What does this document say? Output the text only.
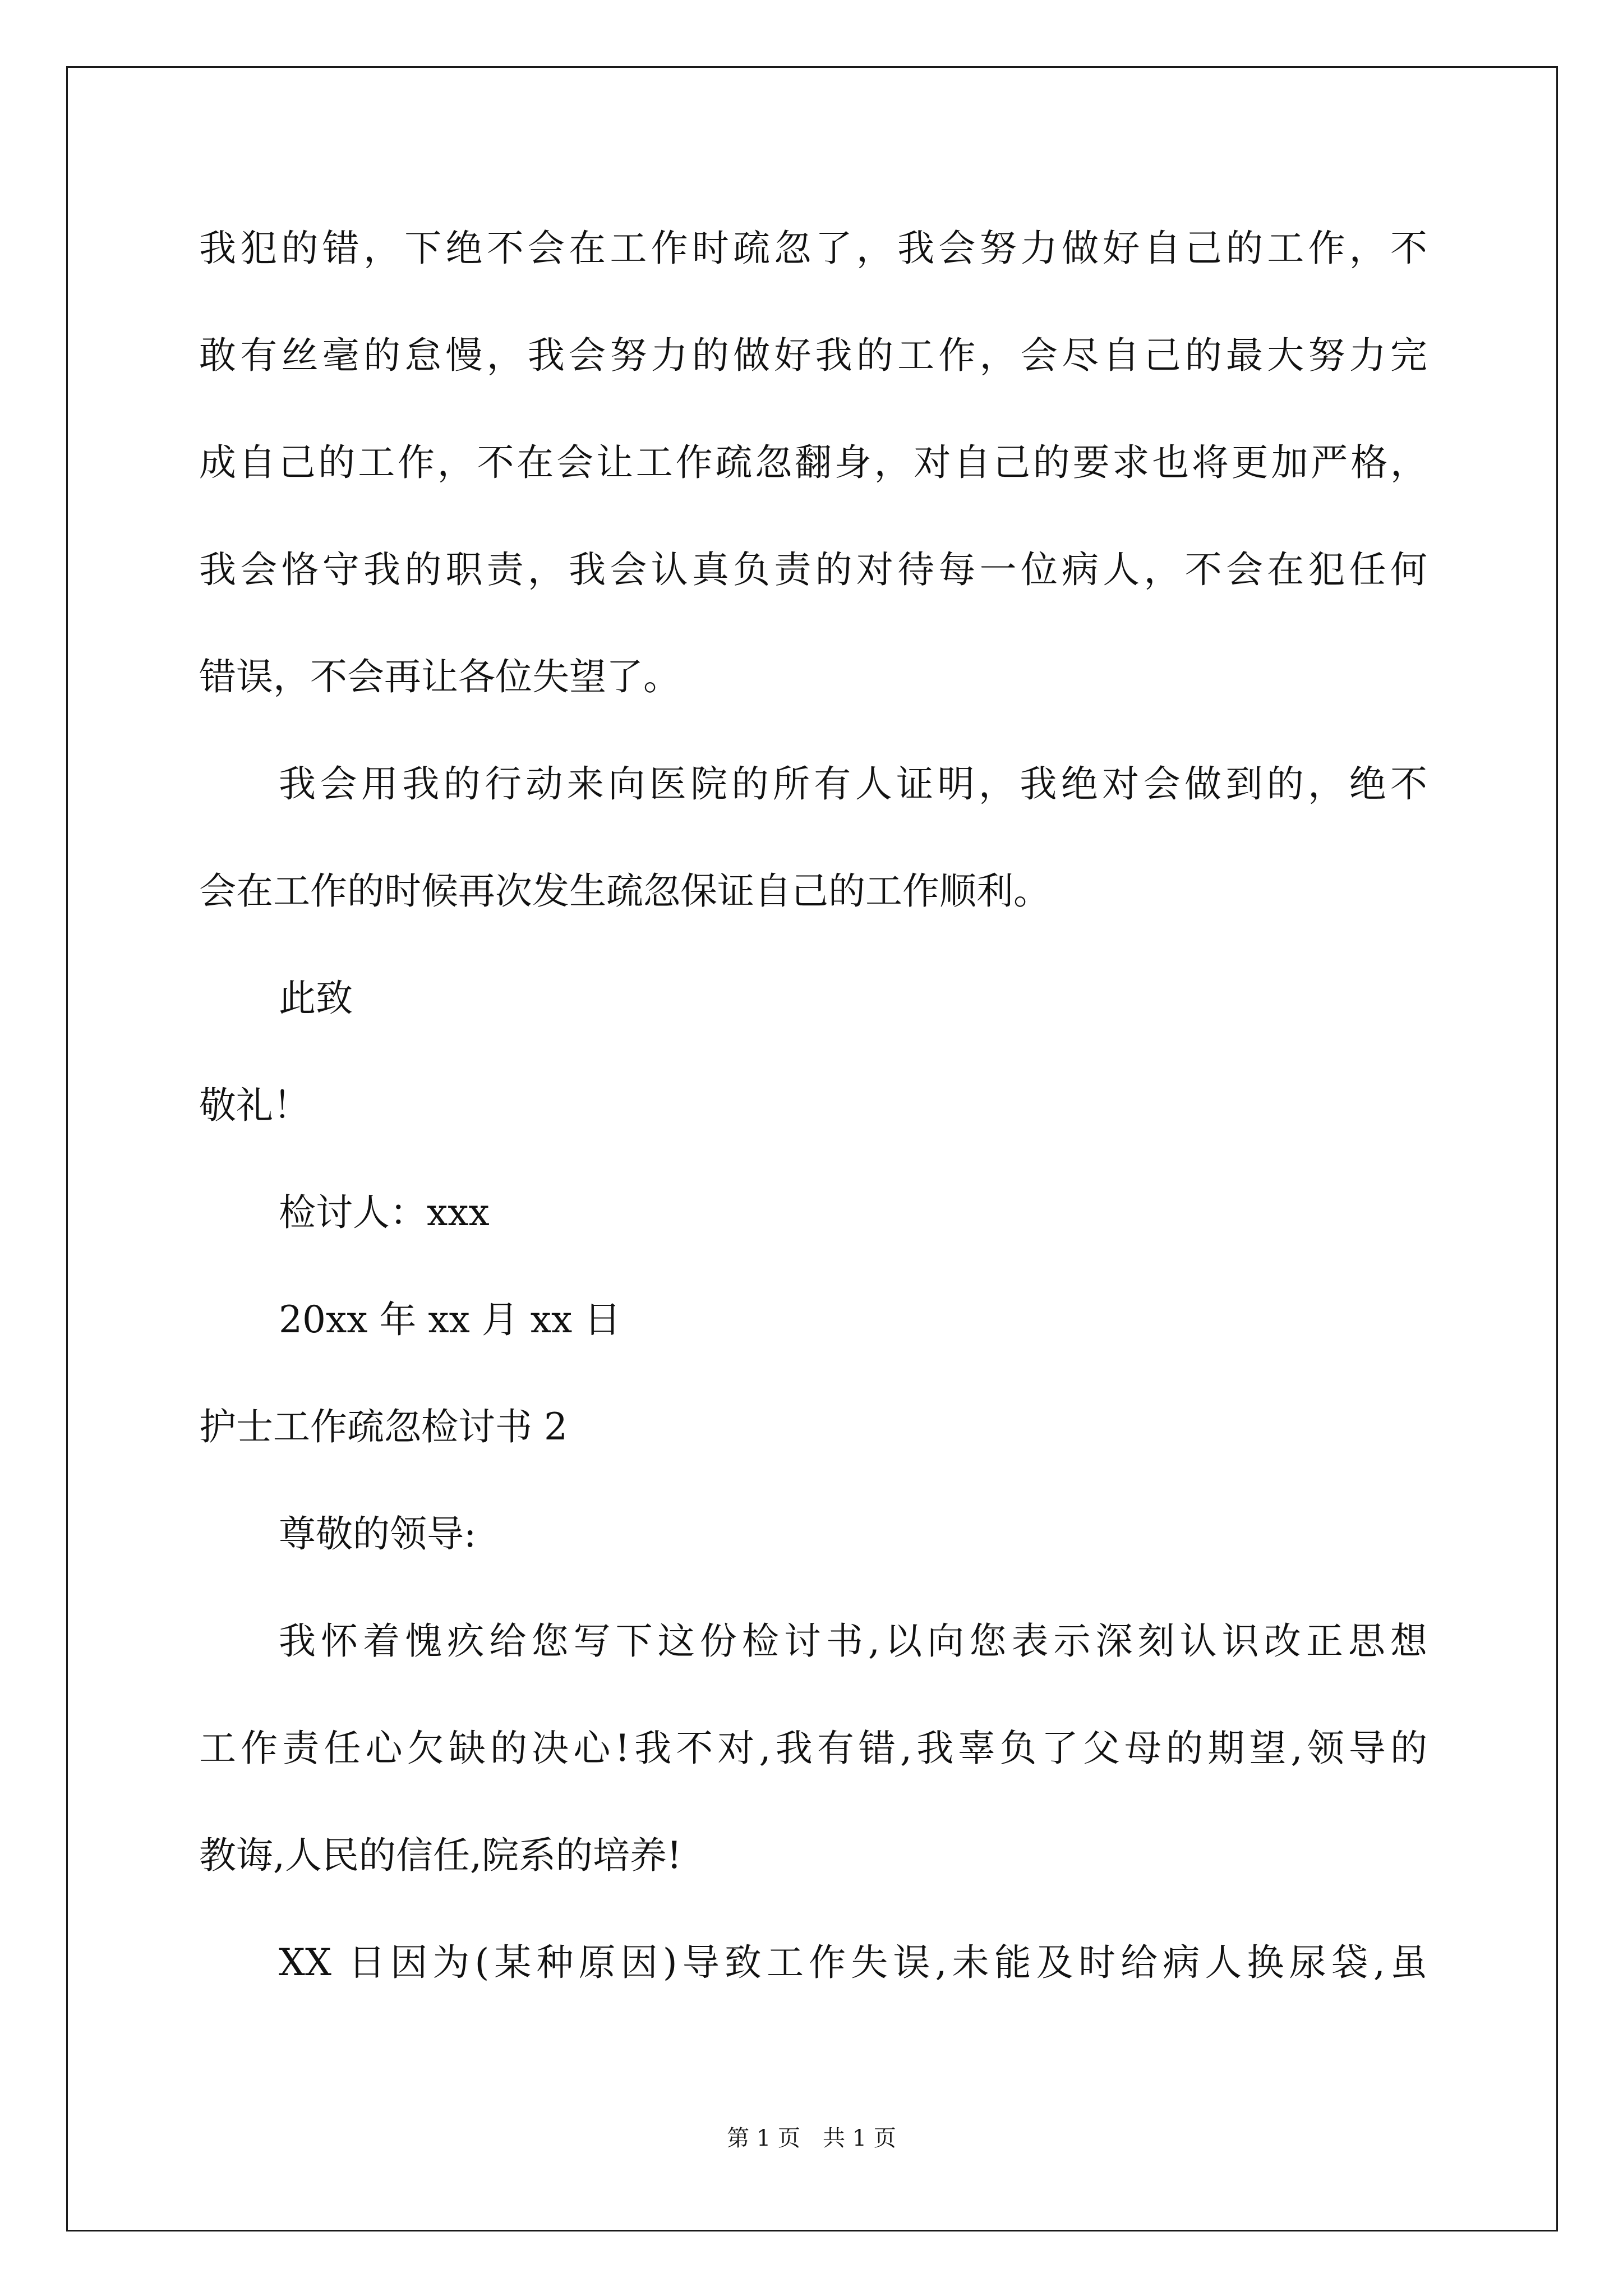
我犯的错，下绝不会在工作时疏忽了，我会努力做好自己的工作，不
敢有丝毫的怠慢，我会努力的做好我的工作，会尽自己的最大努力完
成自己的工作，不在会让工作疏忽翻身，对自己的要求也将更加严格，
我会恪守我的职责，我会认真负责的对待每一位病人，不会在犯任何
错误，不会再让各位失望了。
我会用我的行动来向医院的所有人证明，我绝对会做到的，绝不
会在工作的时候再次发生疏忽保证自己的工作顺利。
此致
敬礼！
检讨人：xxx
20xx 年 xx 月 xx 日
护士工作疏忽检讨书 2
尊敬的领导:
我怀着愧疚给您写下这份检讨书,以向您表示深刻认识改正思想
工作责任心欠缺的决心!我不对,我有错,我辜负了父母的期望,领导的
教诲,人民的信任,院系的培养!
XX 日因为(某种原因)导致工作失误,未能及时给病人换尿袋,虽
第 1 页 共 1 页
